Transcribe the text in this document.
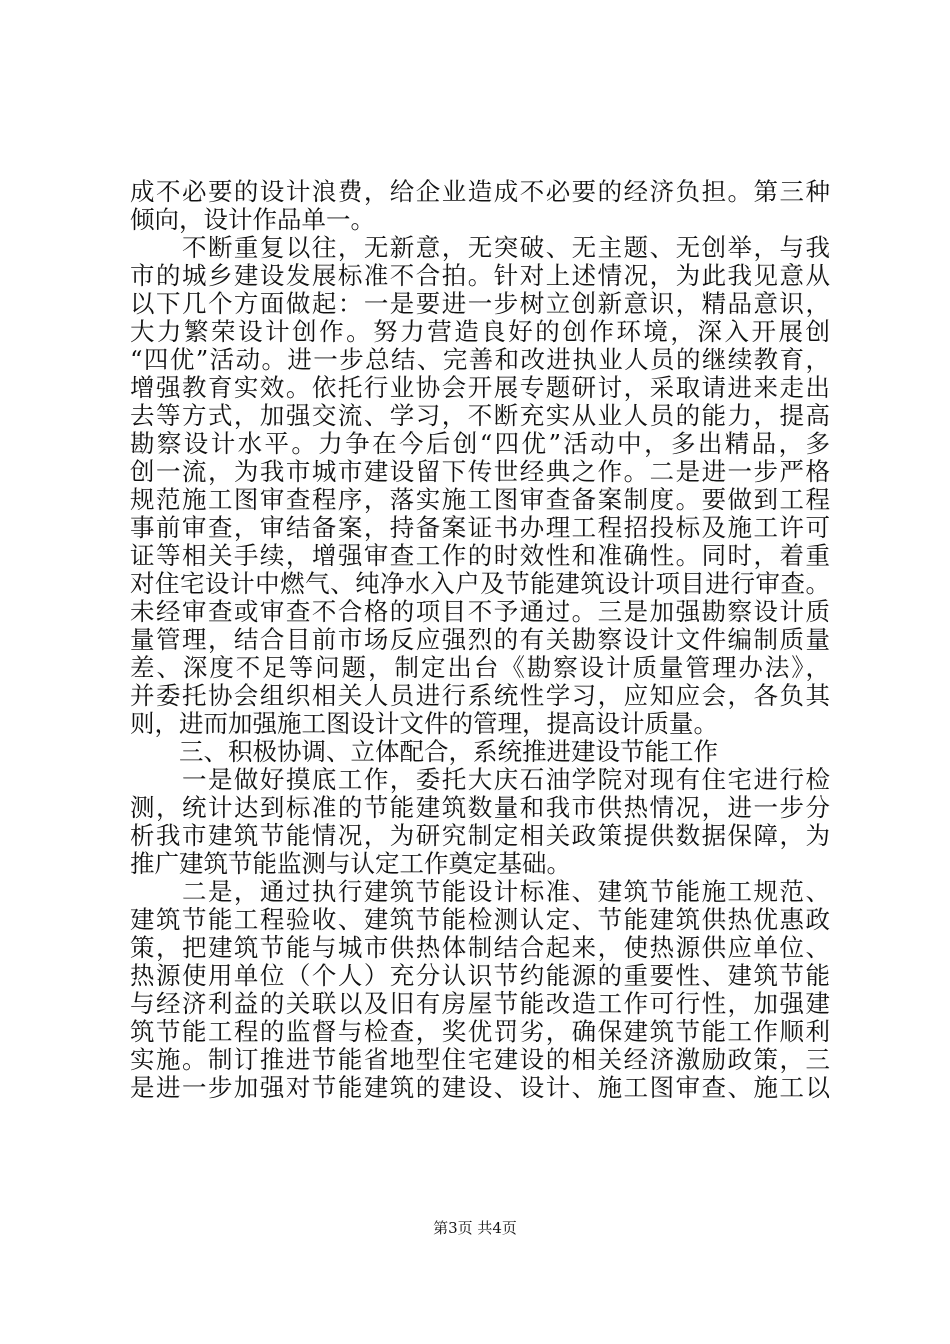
成不必要的设计浪费，给企业造成不必要的经济负担。第三种
倾向，设计作品单一。
　　不断重复以往，无新意，无突破、无主题、无创举，与我
市的城乡建设发展标准不合拍。针对上述情况，为此我见意从
以下几个方面做起：一是要进一步树立创新意识，精品意识，
大力繁荣设计创作。努力营造良好的创作环境，深入开展创
“四优”活动。进一步总结、完善和改进执业人员的继续教育，
增强教育实效。依托行业协会开展专题研讨，采取请进来走出
去等方式，加强交流、学习，不断充实从业人员的能力，提高
勘察设计水平。力争在今后创“四优”活动中，多出精品，多
创一流，为我市城市建设留下传世经典之作。二是进一步严格
规范施工图审查程序，落实施工图审查备案制度。要做到工程
事前审查，审结备案，持备案证书办理工程招投标及施工许可
证等相关手续，增强审查工作的时效性和准确性。同时，着重
对住宅设计中燃气、纯净水入户及节能建筑设计项目进行审查。
未经审查或审查不合格的项目不予通过。三是加强勘察设计质
量管理，结合目前市场反应强烈的有关勘察设计文件编制质量
差、深度不足等问题，制定出台《勘察设计质量管理办法》，
并委托协会组织相关人员进行系统性学习，应知应会，各负其
则，进而加强施工图设计文件的管理，提高设计质量。
　　三、积极协调、立体配合，系统推进建设节能工作
　　一是做好摸底工作，委托大庆石油学院对现有住宅进行检
测，统计达到标准的节能建筑数量和我市供热情况，进一步分
析我市建筑节能情况，为研究制定相关政策提供数据保障，为
推广建筑节能监测与认定工作奠定基础。
　　二是，通过执行建筑节能设计标准、建筑节能施工规范、
建筑节能工程验收、建筑节能检测认定、节能建筑供热优惠政
策，把建筑节能与城市供热体制结合起来，使热源供应单位、
热源使用单位（个人）充分认识节约能源的重要性、建筑节能
与经济利益的关联以及旧有房屋节能改造工作可行性，加强建
筑节能工程的监督与检查，奖优罚劣，确保建筑节能工作顺利
实施。制订推进节能省地型住宅建设的相关经济激励政策，三
是进一步加强对节能建筑的建设、设计、施工图审查、施工以
第3页 共4页
